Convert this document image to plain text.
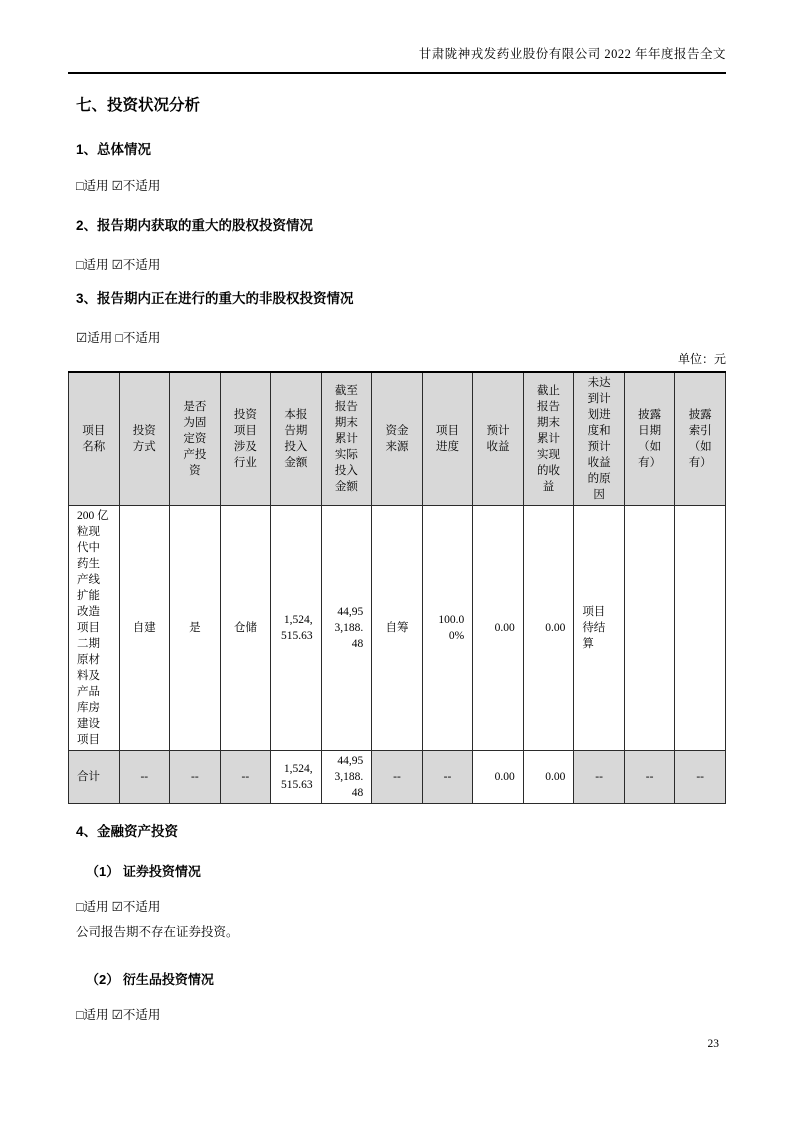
甘肃陇神戎发药业股份有限公司 2022 年年度报告全文
七、投资状况分析
1、总体情况

□适用 ☑不适用

2、报告期内获取的重大的股权投资情况

□适用 ☑不适用

3、报告期内正在进行的重大的非股权投资情况

☑适用 □不适用

单位：元
项目名称	投资方式	是否为固定资产投资	投资项目涉及行业	本报告期投入金额	截至报告期末累计实际投入金额	资金来源	项目进度	预计收益	截止报告期末累计实现的收益	未达到计划进度和预计收益的原因	披露日期（如有）	披露索引（如有）
200 亿粒现代中药生产线扩能改造项目二期原材料及产品库房建设项目	自建	是	仓储	1,524,515.63	44,953,188.48	自筹	100.00%	0.00	0.00	项目待结算		
合计	--	--	--	1,524,515.63	44,953,188.48	--	--	0.00	0.00	--	--	--
4、金融资产投资
（1） 证券投资情况

□适用 ☑不适用

公司报告期不存在证券投资。

（2） 衍生品投资情况

□适用 ☑不适用

23
